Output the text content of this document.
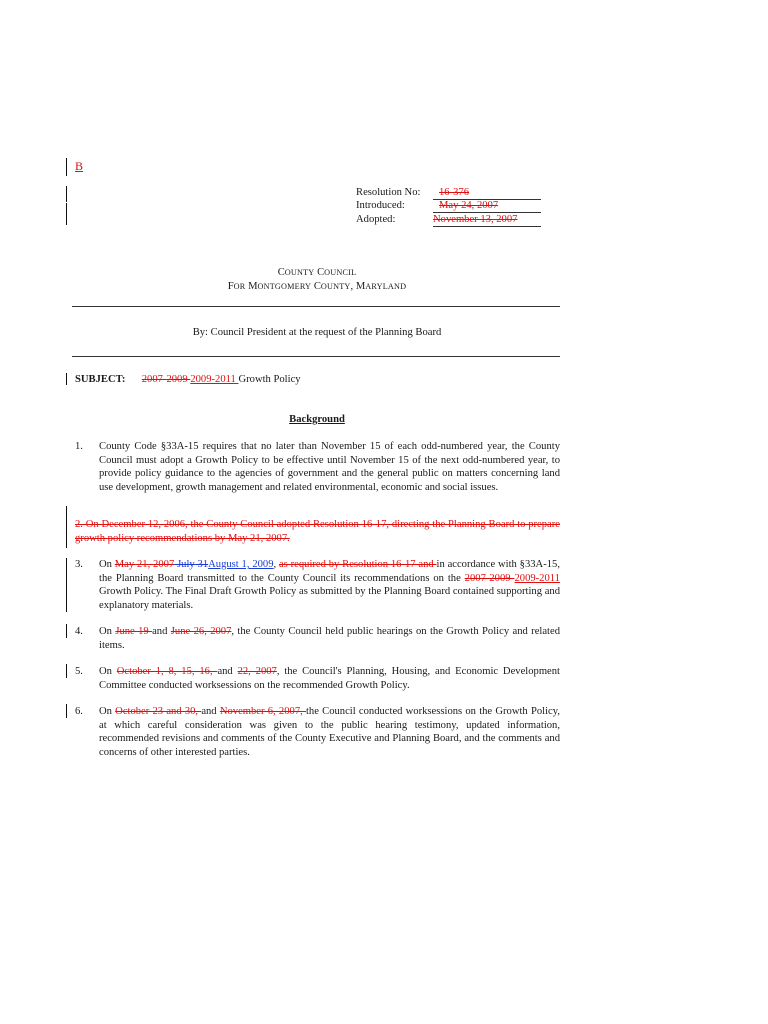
B
Resolution No: 16-376
Introduced:	May 24, 2007
Adopted:	November 13, 2007
COUNTY COUNCIL
FOR MONTGOMERY COUNTY, MARYLAND
By: Council President at the request of the Planning Board
SUBJECT: 2007-2009 2009-2011 Growth Policy
Background
1. County Code §33A-15 requires that no later than November 15 of each odd-numbered year, the County Council must adopt a Growth Policy to be effective until November 15 of the next odd-numbered year, to provide policy guidance to the agencies of government and the general public on matters concerning land use development, growth management and related environmental, economic and social issues.
2. On December 12, 2006, the County Council adopted Resolution 16-17, directing the Planning Board to prepare growth policy recommendations by May 21, 2007.
3. On May 21, 2007 July 31August 1, 2009, as required by Resolution 16-17 and in accordance with §33A-15, the Planning Board transmitted to the County Council its recommendations on the 2007-2009 2009-2011 Growth Policy. The Final Draft Growth Policy as submitted by the Planning Board contained supporting and explanatory materials.
4. On June 19 and June 26, 2007, the County Council held public hearings on the Growth Policy and related items.
5. On October 1, 8, 15, 16, and 22, 2007, the Council's Planning, Housing, and Economic Development Committee conducted worksessions on the recommended Growth Policy.
6. On October 23 and 30, and November 6, 2007, the Council conducted worksessions on the Growth Policy, at which careful consideration was given to the public hearing testimony, updated information, recommended revisions and comments of the County Executive and Planning Board, and the comments and concerns of other interested parties.
